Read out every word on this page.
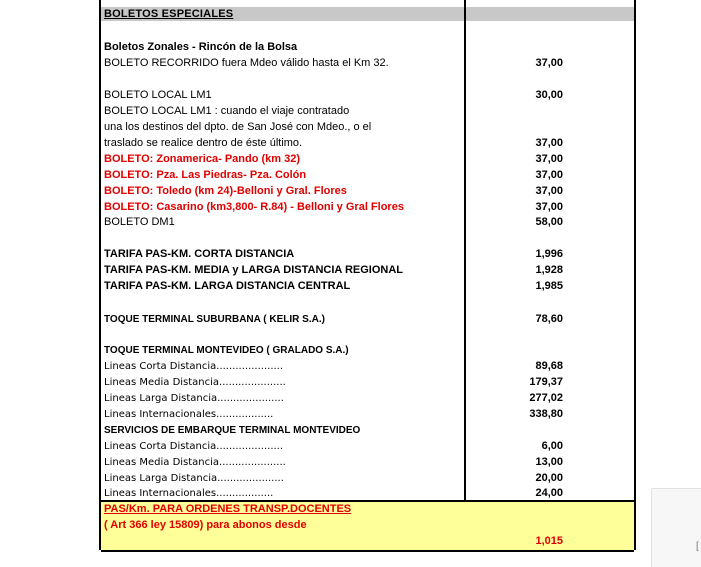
BOLETOS ESPECIALES
Boletos Zonales - Rincón de la Bolsa
BOLETO RECORRIDO fuera Mdeo válido hasta el Km 32.	37,00
BOLETO LOCAL LM1	30,00
BOLETO LOCAL LM1 : cuando el viaje contratado
una los destinos del dpto. de San José con Mdeo., o el
traslado se realice dentro de éste último.	37,00
BOLETO: Zonamerica- Pando (km 32)	37,00
BOLETO: Pza. Las Piedras- Pza. Colón	37,00
BOLETO: Toledo (km 24)-Belloni y Gral. Flores	37,00
BOLETO: Casarino (km3,800- R.84) - Belloni y Gral Flores	37,00
BOLETO DM1	58,00
TARIFA PAS-KM. CORTA DISTANCIA	1,996
TARIFA PAS-KM. MEDIA y LARGA DISTANCIA REGIONAL	1,928
TARIFA PAS-KM. LARGA DISTANCIA CENTRAL	1,985
TOQUE TERMINAL SUBURBANA ( KELIR S.A.)	78,60
TOQUE TERMINAL MONTEVIDEO ( GRALADO S.A.)
Lineas Corta Distancia.....................	89,68
Lineas Media Distancia.....................	179,37
Lineas Larga Distancia.....................	277,02
Lineas Internacionales..................	338,80
SERVICIOS DE EMBARQUE TERMINAL MONTEVIDEO
Lineas Corta Distancia.....................	6,00
Lineas Media Distancia.....................	13,00
Lineas Larga Distancia.....................	20,00
Lineas Internacionales..................	24,00
PAS/Km. PARA ORDENES TRANSP.DOCENTES
( Art 366 ley 15809) para abonos desde
1,015	[
